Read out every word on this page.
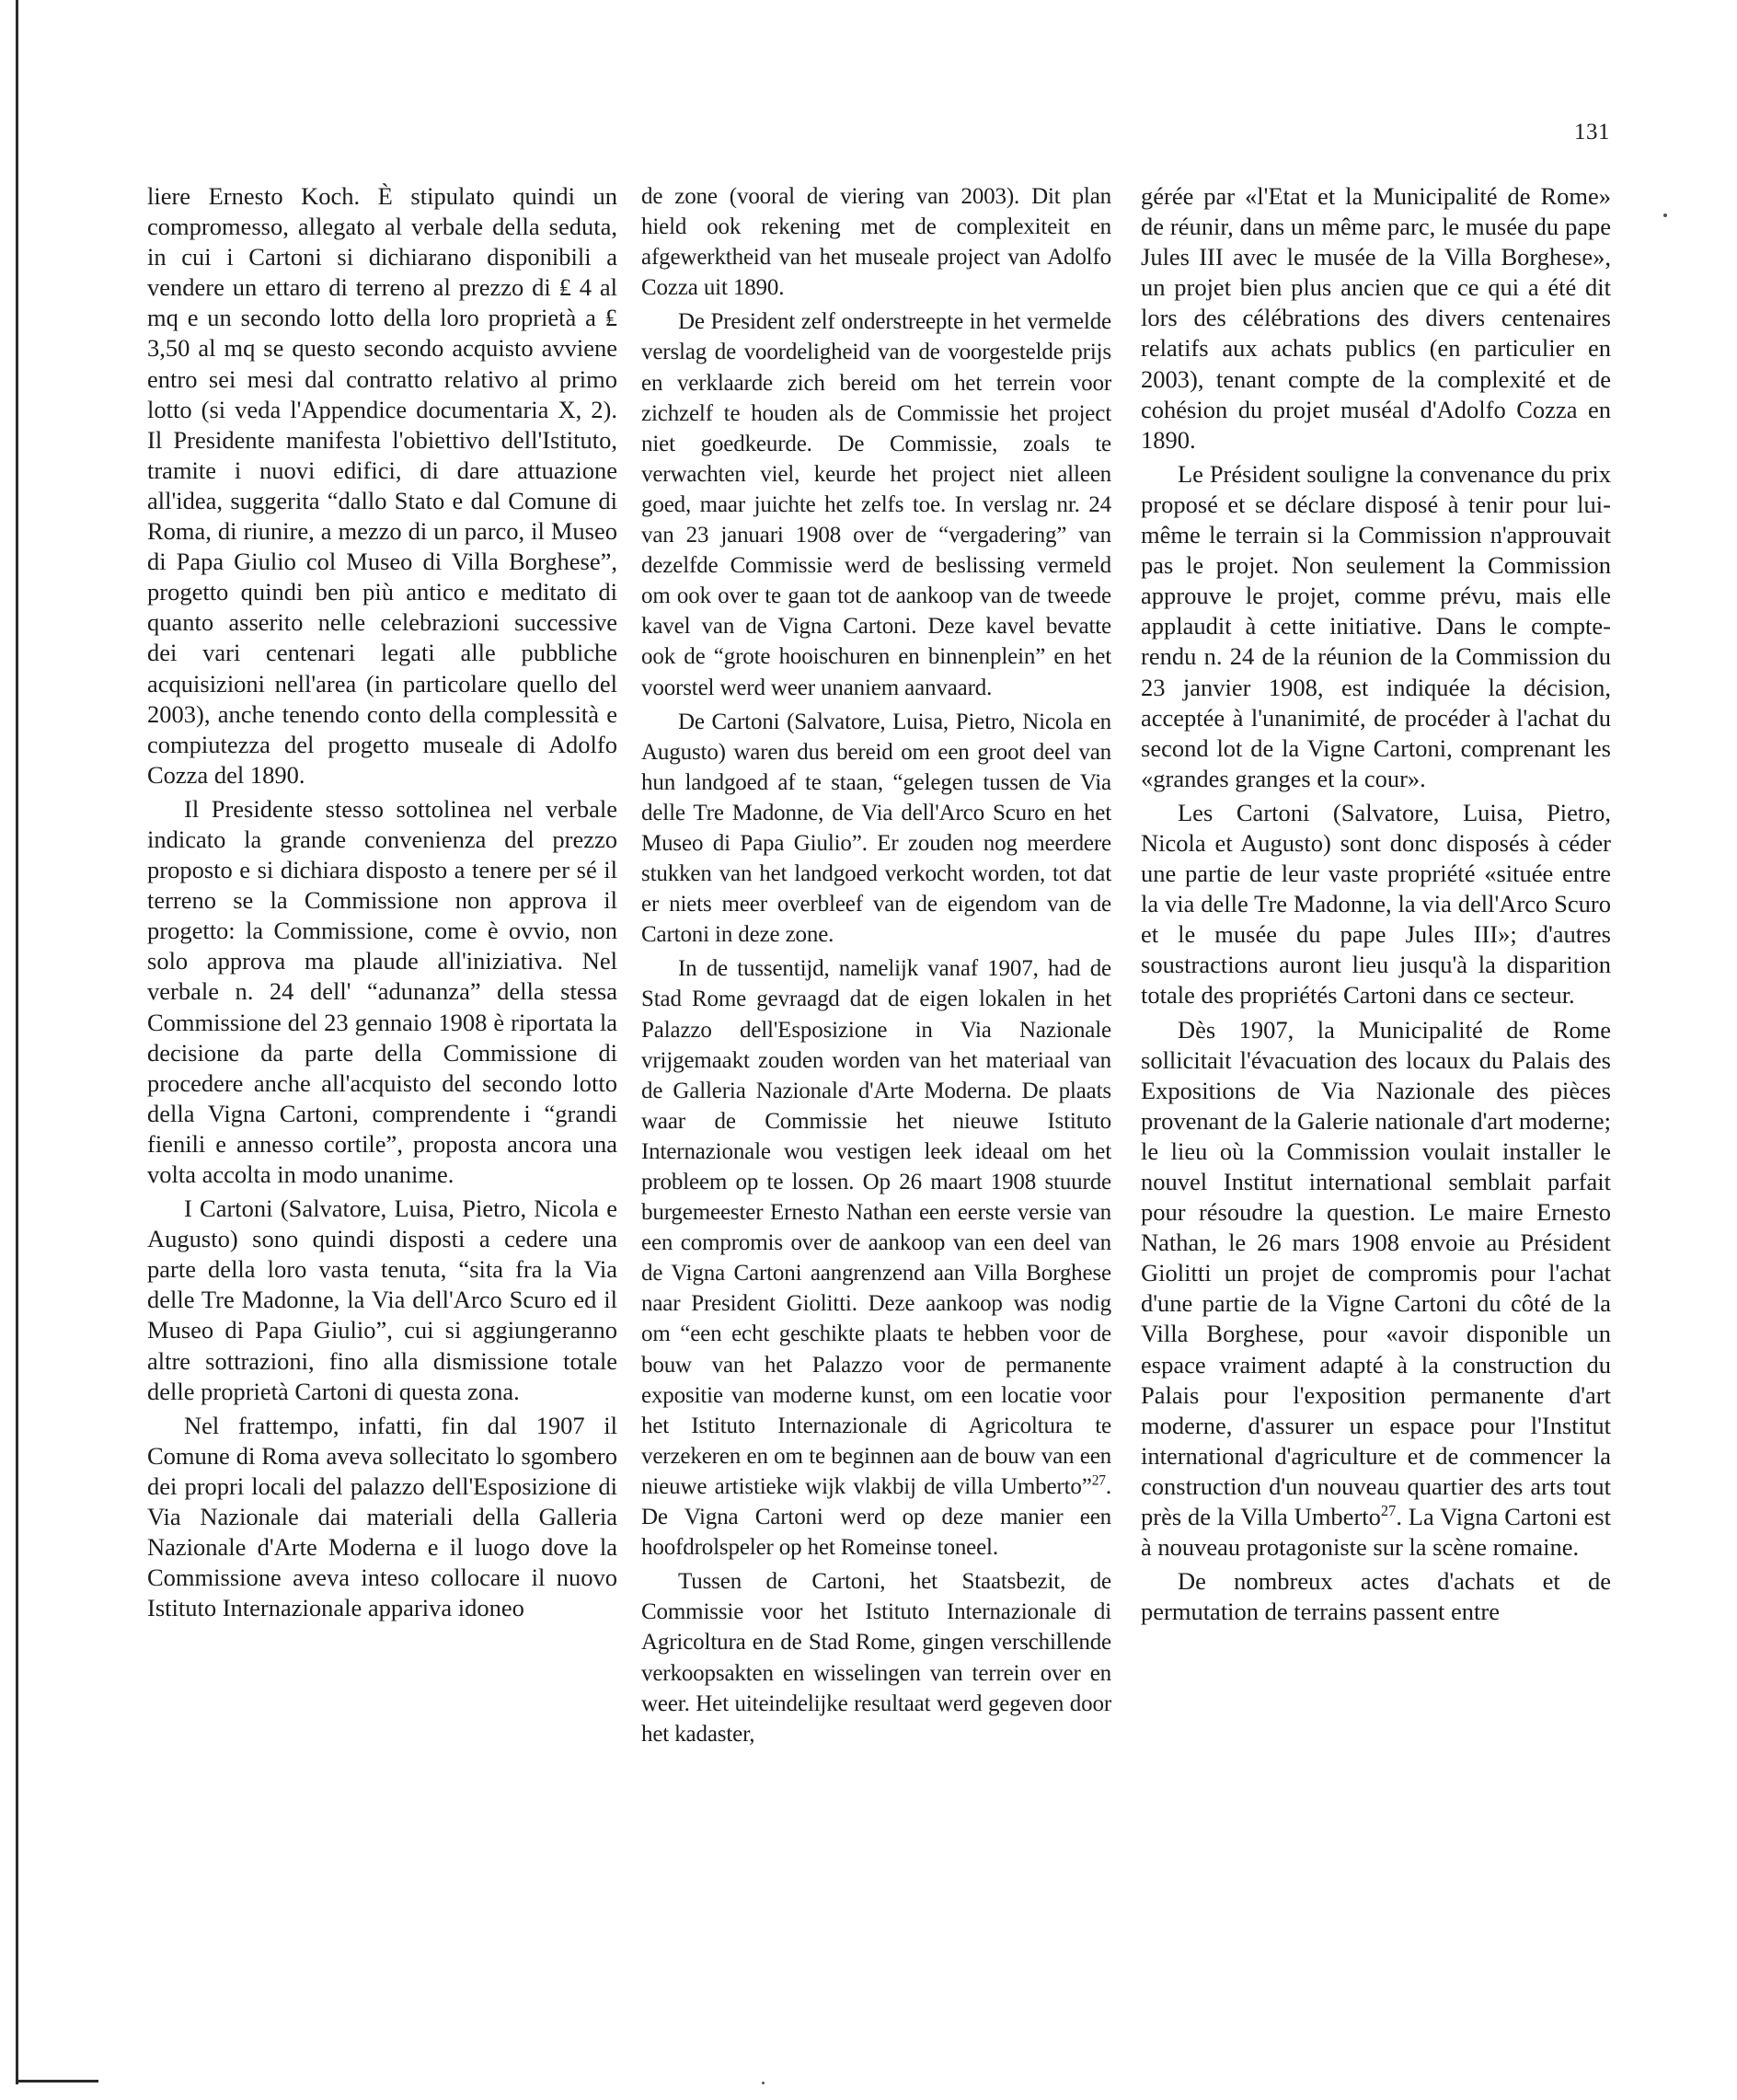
131

liere Ernesto Koch. È stipulato quindi un compromesso, allegato al verbale della seduta, in cui i Cartoni si dichiarano disponibili a vendere un ettaro di terreno al prezzo di ₤ 4 al mq e un secondo lotto della loro proprietà a ₤ 3,50 al mq se questo secondo acquisto avviene entro sei mesi dal contratto relativo al primo lotto (si veda l'Appendice documentaria X, 2). Il Presidente manifesta l'obiettivo dell'Istituto, tramite i nuovi edifici, di dare attuazione all'idea, suggerita “dallo Stato e dal Comune di Roma, di riunire, a mezzo di un parco, il Museo di Papa Giulio col Museo di Villa Borghese”, progetto quindi ben più antico e meditato di quanto asserito nelle celebrazioni successive dei vari centenari legati alle pubbliche acquisizioni nell'area (in particolare quello del 2003), anche tenendo conto della complessità e compiutezza del progetto museale di Adolfo Cozza del 1890.

Il Presidente stesso sottolinea nel verbale indicato la grande convenienza del prezzo proposto e si dichiara disposto a tenere per sé il terreno se la Commissione non approva il progetto: la Commissione, come è ovvio, non solo approva ma plaude all'iniziativa. Nel verbale n. 24 dell' “adunanza” della stessa Commissione del 23 gennaio 1908 è riportata la decisione da parte della Commissione di procedere anche all'acquisto del secondo lotto della Vigna Cartoni, comprendente i “grandi fienili e annesso cortile”, proposta ancora una volta accolta in modo unanime.

I Cartoni (Salvatore, Luisa, Pietro, Nicola e Augusto) sono quindi disposti a cedere una parte della loro vasta tenuta, “sita fra la Via delle Tre Madonne, la Via dell'Arco Scuro ed il Museo di Papa Giulio”, cui si aggiungeranno altre sottrazioni, fino alla dismissione totale delle proprietà Cartoni di questa zona.

Nel frattempo, infatti, fin dal 1907 il Comune di Roma aveva sollecitato lo sgombero dei propri locali del palazzo dell'Esposizione di Via Nazionale dai materiali della Galleria Nazionale d'Arte Moderna e il luogo dove la Commissione aveva inteso collocare il nuovo Istituto Internazionale appariva idoneo

de zone (vooral de viering van 2003). Dit plan hield ook rekening met de complexiteit en afgewerktheid van het museale project van Adolfo Cozza uit 1890.

De President zelf onderstreepte in het vermelde verslag de voordeligheid van de voorgestelde prijs en verklaarde zich bereid om het terrein voor zichzelf te houden als de Commissie het project niet goedkeurde. De Commissie, zoals te verwachten viel, keurde het project niet alleen goed, maar juichte het zelfs toe. In verslag nr. 24 van 23 januari 1908 over de “vergadering” van dezelfde Commissie werd de beslissing vermeld om ook over te gaan tot de aankoop van de tweede kavel van de Vigna Cartoni. Deze kavel bevatte ook de “grote hooischuren en binnenplein” en het voorstel werd weer unaniem aanvaard.

De Cartoni (Salvatore, Luisa, Pietro, Nicola en Augusto) waren dus bereid om een groot deel van hun landgoed af te staan, “gelegen tussen de Via delle Tre Madonne, de Via dell'Arco Scuro en het Museo di Papa Giulio”. Er zouden nog meerdere stukken van het landgoed verkocht worden, tot dat er niets meer overbleef van de eigendom van de Cartoni in deze zone.

In de tussentijd, namelijk vanaf 1907, had de Stad Rome gevraagd dat de eigen lokalen in het Palazzo dell'Esposizione in Via Nazionale vrijgemaakt zouden worden van het materiaal van de Galleria Nazionale d'Arte Moderna. De plaats waar de Commissie het nieuwe Istituto Internazionale wou vestigen leek ideaal om het probleem op te lossen. Op 26 maart 1908 stuurde burgemeester Ernesto Nathan een eerste versie van een compromis over de aankoop van een deel van de Vigna Cartoni aangrenzend aan Villa Borghese naar President Giolitti. Deze aankoop was nodig om “een echt geschikte plaats te hebben voor de bouw van het Palazzo voor de permanente expositie van moderne kunst, om een locatie voor het Istituto Internazionale di Agricoltura te verzekeren en om te beginnen aan de bouw van een nieuwe artistieke wijk vlakbij de villa Umberto”$^{27}$. De Vigna Cartoni werd op deze manier een hoofdrolspeler op het Romeinse toneel.

Tussen de Cartoni, het Staatsbezit, de Commissie voor het Istituto Internazionale di Agricoltura en de Stad Rome, gingen verschillende verkoopsakten en wisselingen van terrein over en weer. Het uiteindelijke resultaat werd gegeven door het kadaster,

gérée par «l'Etat et la Municipalité de Rome» de réunir, dans un même parc, le musée du pape Jules III avec le musée de la Villa Borghese», un projet bien plus ancien que ce qui a été dit lors des célébrations des divers centenaires relatifs aux achats publics (en particulier en 2003), tenant compte de la complexité et de cohésion du projet muséal d'Adolfo Cozza en 1890.

Le Président souligne la convenance du prix proposé et se déclare disposé à tenir pour lui-même le terrain si la Commission n'approuvait pas le projet. Non seulement la Commission approuve le projet, comme prévu, mais elle applaudit à cette initiative. Dans le compte-rendu n. 24 de la réunion de la Commission du 23 janvier 1908, est indiquée la décision, acceptée à l'unanimité, de procéder à l'achat du second lot de la Vigne Cartoni, comprenant les «grandes granges et la cour».

Les Cartoni (Salvatore, Luisa, Pietro, Nicola et Augusto) sont donc disposés à céder une partie de leur vaste propriété «située entre la via delle Tre Madonne, la via dell'Arco Scuro et le musée du pape Jules III»; d'autres soustractions auront lieu jusqu'à la disparition totale des propriétés Cartoni dans ce secteur.

Dès 1907, la Municipalité de Rome sollicitait l'évacuation des locaux du Palais des Expositions de Via Nazionale des pièces provenant de la Galerie nationale d'art moderne; le lieu où la Commission voulait installer le nouvel Institut international semblait parfait pour résoudre la question. Le maire Ernesto Nathan, le 26 mars 1908 envoie au Président Giolitti un projet de compromis pour l'achat d'une partie de la Vigne Cartoni du côté de la Villa Borghese, pour «avoir disponible un espace vraiment adapté à la construction du Palais pour l'exposition permanente d'art moderne, d'assurer un espace pour l'Institut international d'agriculture et de commencer la construction d'un nouveau quartier des arts tout près de la Villa Umberto$^{27}$. La Vigna Cartoni est à nouveau protagoniste sur la scène romaine.

De nombreux actes d'achats et de permutation de terrains passent entre
